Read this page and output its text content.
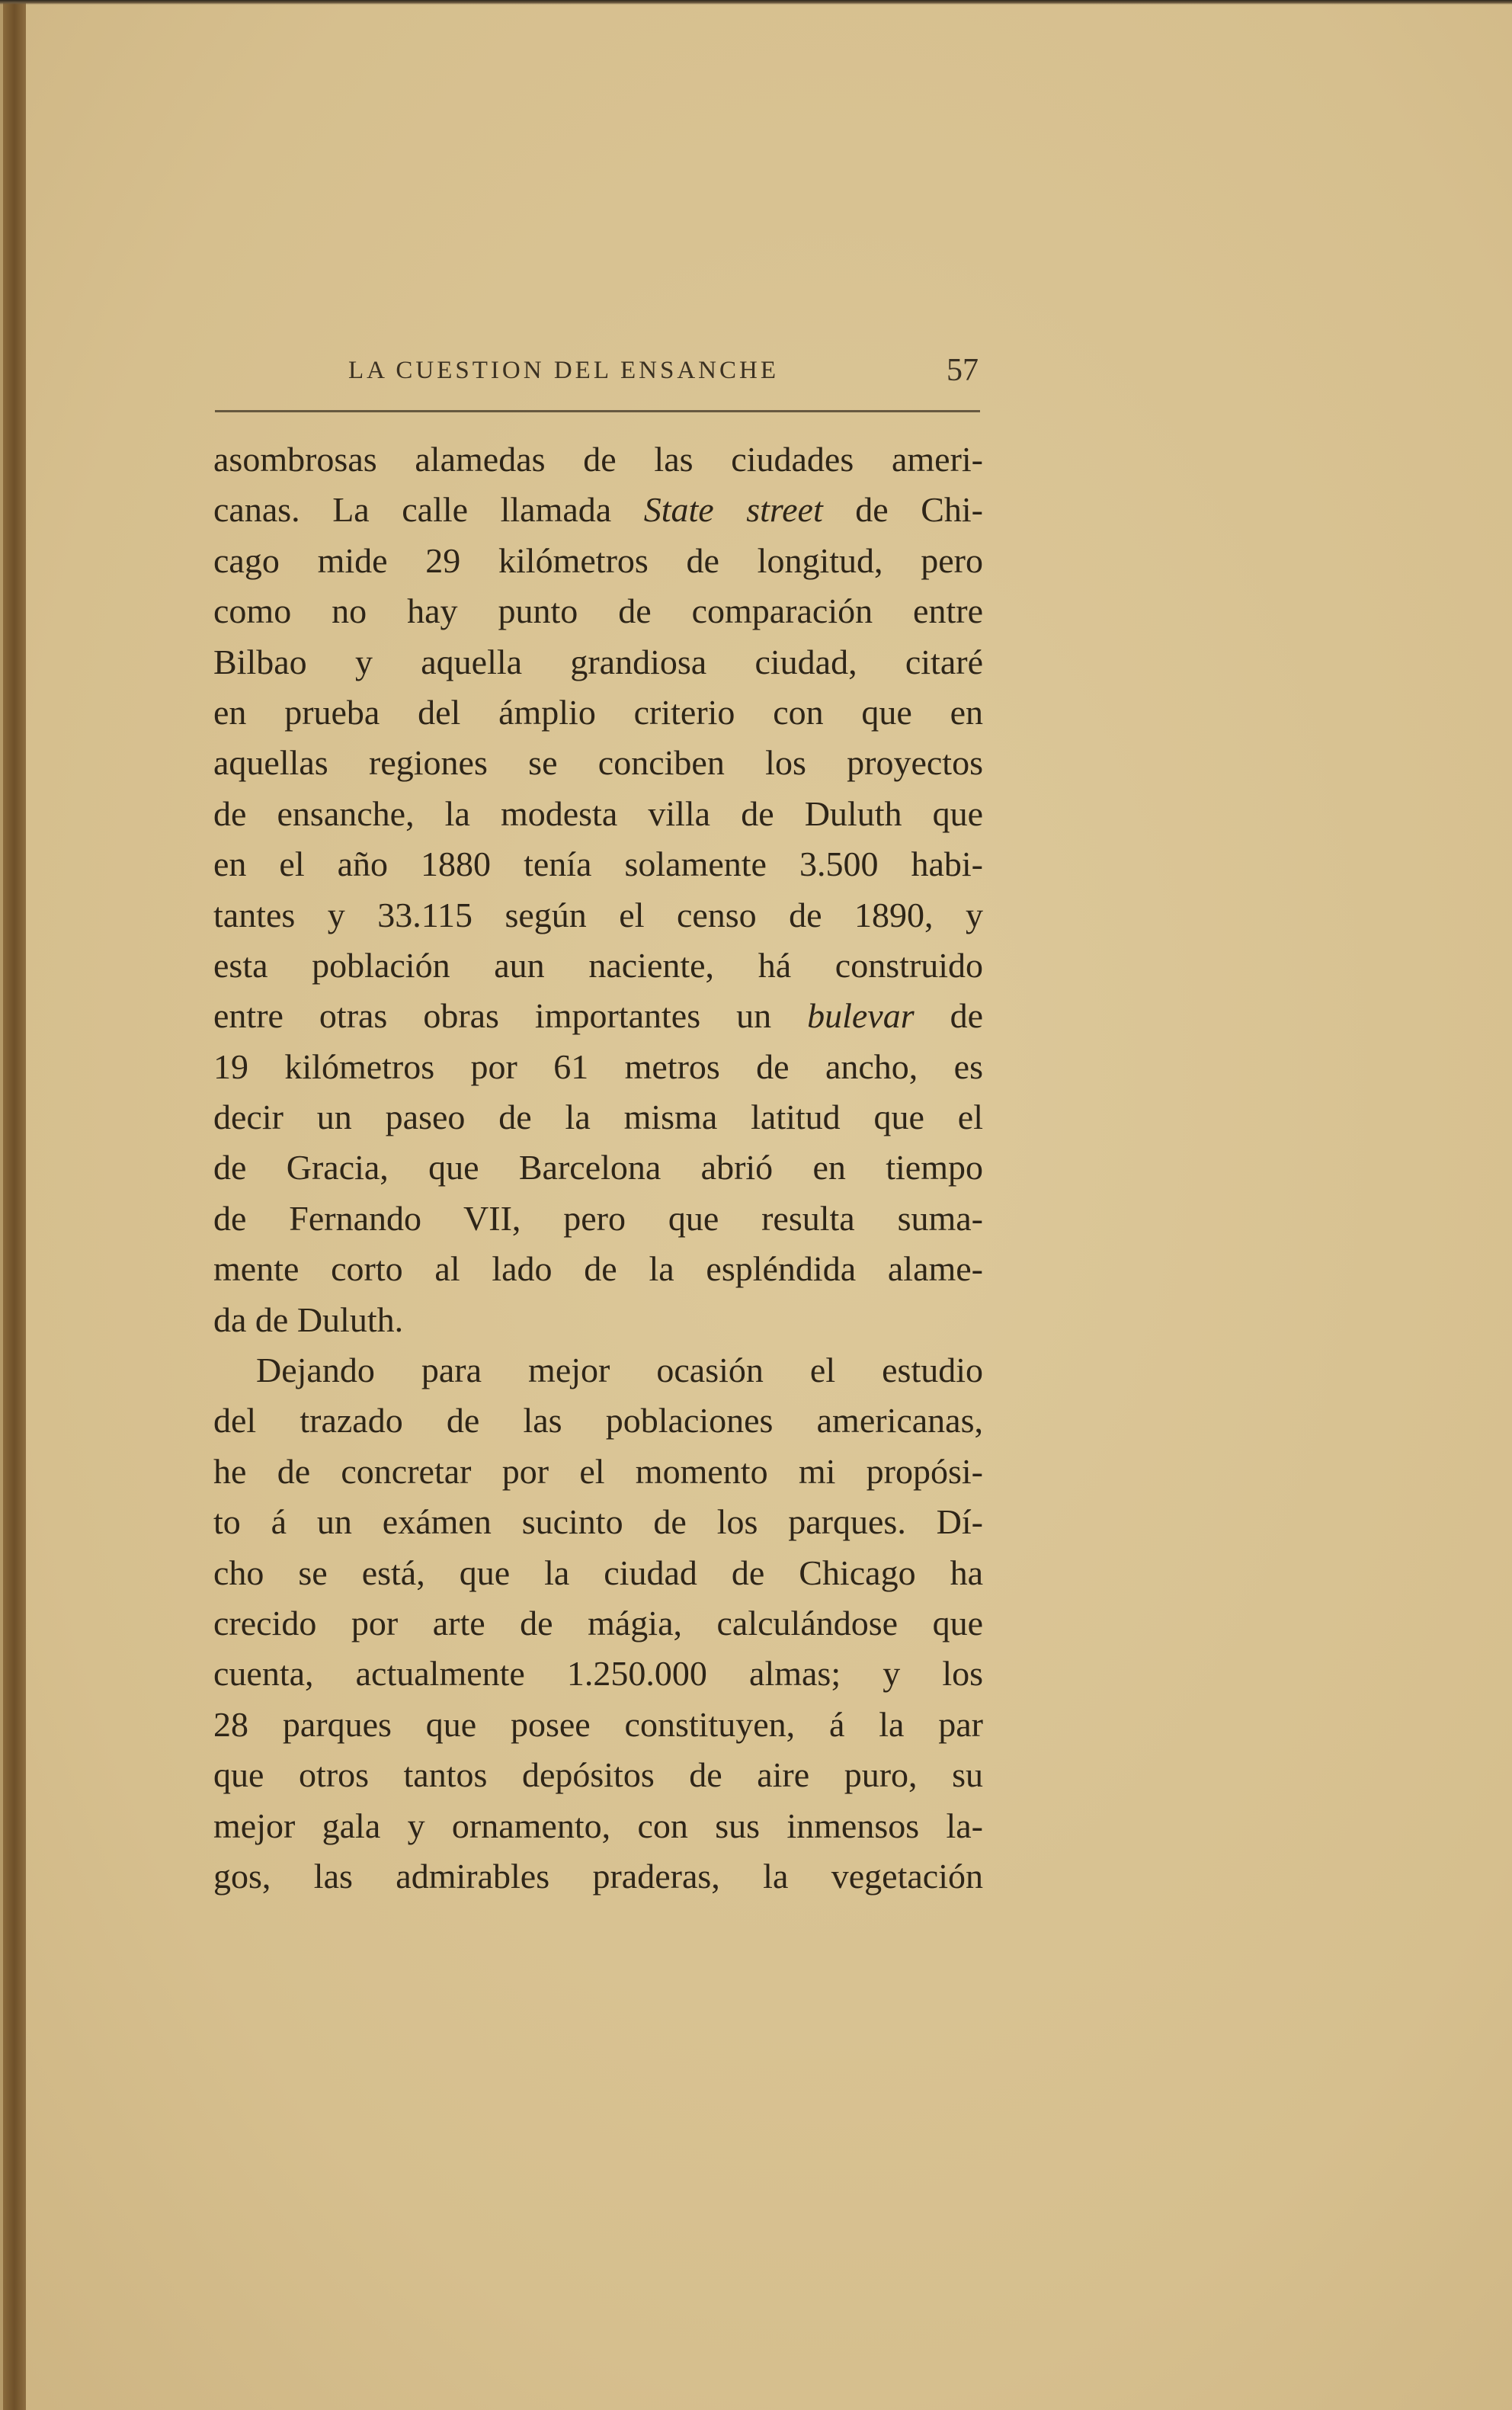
LA CUESTION DEL ENSANCHE	57
asombrosas alamedas de las ciudades ameri-
canas. La calle llamada State street de Chi-
cago mide 29 kilómetros de longitud, pero
como no hay punto de comparación entre
Bilbao y aquella grandiosa ciudad, citaré
en prueba del ámplio criterio con que en
aquellas regiones se conciben los proyectos
de ensanche, la modesta villa de Duluth que
en el año 1880 tenía solamente 3.500 habi-
tantes y 33.115 según el censo de 1890, y
esta población aun naciente, há construido
entre otras obras importantes un bulevar de
19 kilómetros por 61 metros de ancho, es
decir un paseo de la misma latitud que el
de Gracia, que Barcelona abrió en tiempo
de Fernando VII, pero que resulta suma-
mente corto al lado de la espléndida alame-
da de Duluth.
Dejando para mejor ocasión el estudio
del trazado de las poblaciones americanas,
he de concretar por el momento mi propósi-
to á un exámen sucinto de los parques. Dí-
cho se está, que la ciudad de Chicago ha
crecido por arte de mágia, calculándose que
cuenta, actualmente 1.250.000 almas; y los
28 parques que posee constituyen, á la par
que otros tantos depósitos de aire puro, su
mejor gala y ornamento, con sus inmensos la-
gos, las admirables praderas, la vegetación
